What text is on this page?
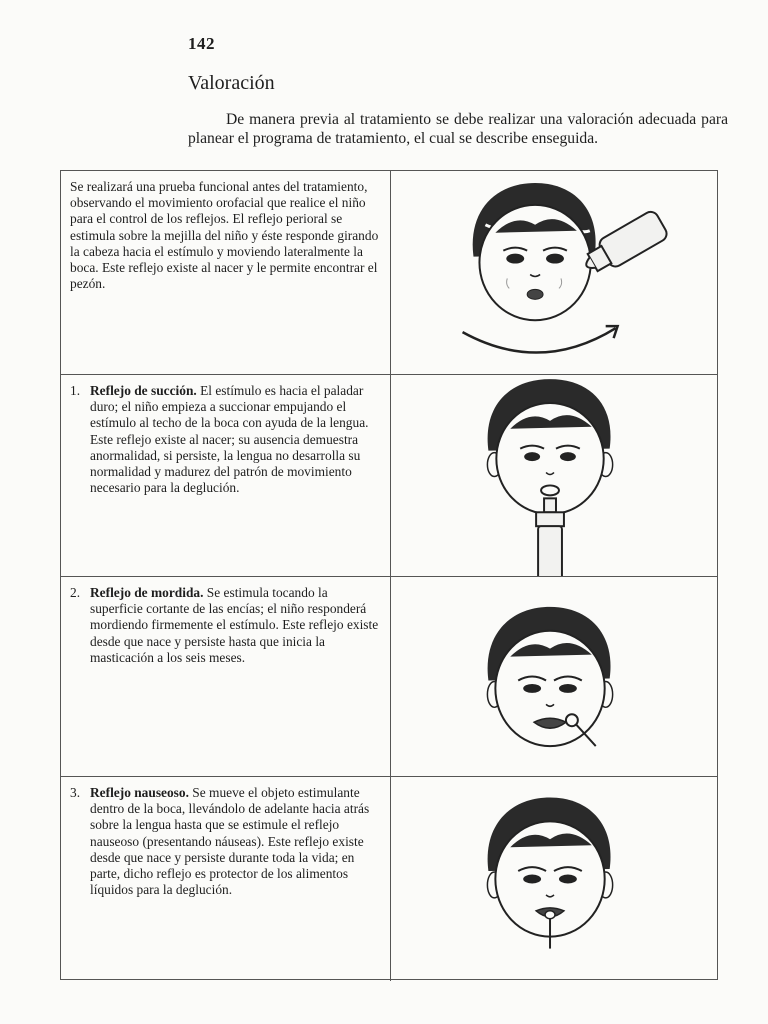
142
Valoración

De manera previa al tratamiento se debe realizar una valoración adecuada para planear el programa de tratamiento, el cual se describe enseguida.

Se realizará una prueba funcional antes del tratamiento, observando el movimiento orofacial que realice el niño para el control de los reflejos. El reflejo perioral se estimula sobre la mejilla del niño y éste responde girando la cabeza hacia el estímulo y moviendo lateralmente la boca. Este reflejo existe al nacer y le permite encontrar el pezón.

1. Reflejo de succión. El estímulo es hacia el paladar duro; el niño empieza a succionar empujando el estímulo al techo de la boca con ayuda de la lengua. Este reflejo existe al nacer; su ausencia demuestra anormalidad, si persiste, la lengua no desarrolla su normalidad y madurez del patrón de movimiento necesario para la deglución.
2. Reflejo de mordida. Se estimula tocando la superficie cortante de las encías; el niño responderá mordiendo firmemente el estímulo. Este reflejo existe desde que nace y persiste hasta que inicia la masticación a los seis meses.
3. Reflejo nauseoso. Se mueve el objeto estimulante dentro de la boca, llevándolo de adelante hacia atrás sobre la lengua hasta que se estimule el reflejo nauseoso (presentando náuseas). Este reflejo existe desde que nace y persiste durante toda la vida; en parte, dicho reflejo es protector de los alimentos líquidos para la deglución.
